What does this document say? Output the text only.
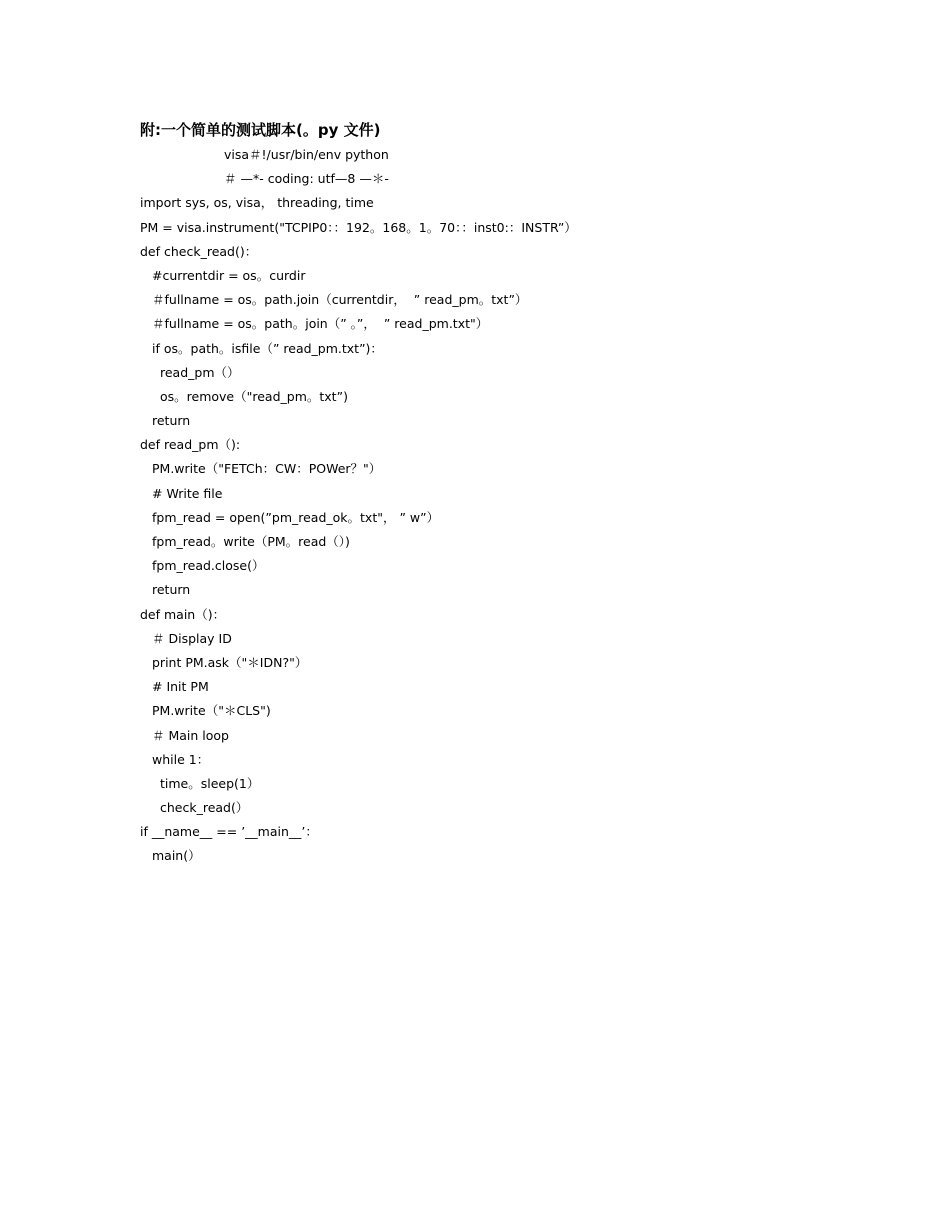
附:一个简单的测试脚本(。py 文件)
visa＃!/usr/bin/env python
＃ —*- coding: utf—8 —＊-
import sys, os, visa， threading, time
PM = visa.instrument("TCPIP0：：192。168。1。70：：inst0:：INSTR”）
def check_read()：
#currentdir = os。curdir
＃fullname = os。path.join（currentdir，  ” read_pm。txt”）
＃fullname = os。path。join（” 。”，  ” read_pm.txt"）
if os。path。isfile（” read_pm.txt”)：
read_pm（）
os。remove（"read_pm。txt”)
return
def read_pm（):
PM.write（"FETCh：CW：POWer？"）
# Write file
fpm_read = open(”pm_read_ok。txt"， ” w”）
fpm_read。write（PM。read（）)
fpm_read.close(）
return
def main（)：
＃ Display ID
print PM.ask（"＊IDN?"）
# Init PM
PM.write（"＊CLS")
＃ Main loop
while 1：
time。sleep(1）
check_read(）
if __name__ == ’__main__’：
main(）
